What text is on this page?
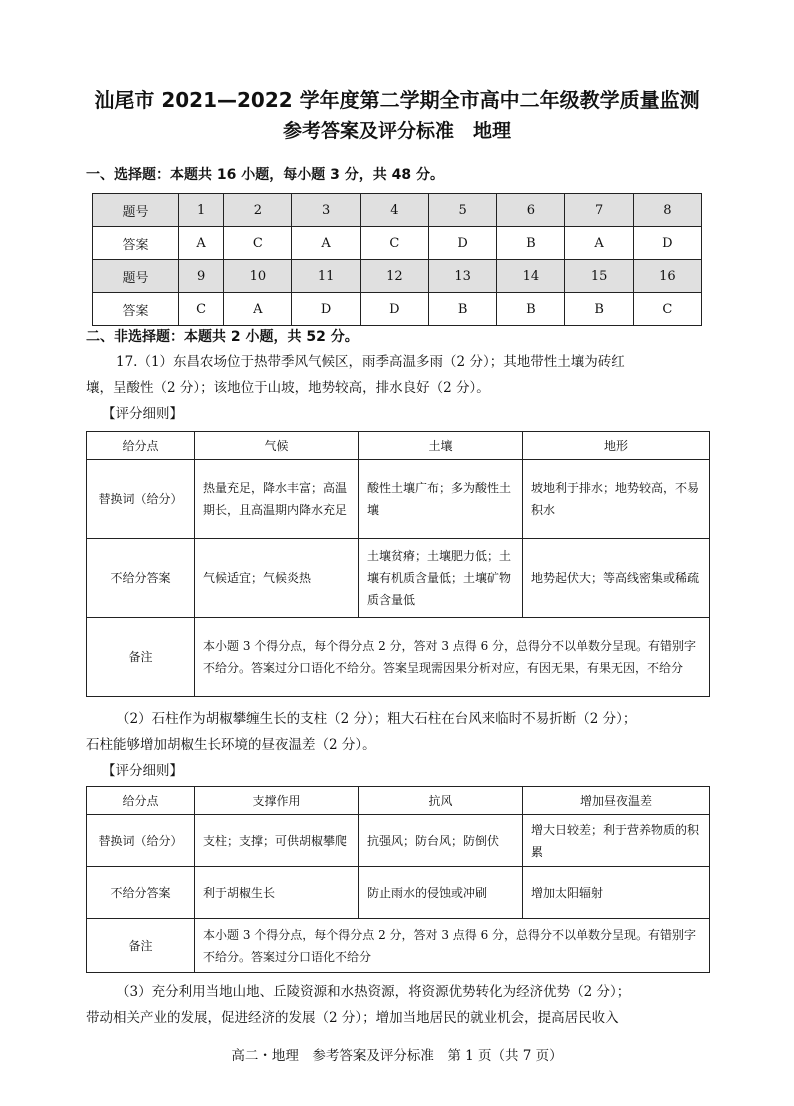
汕尾市 2021—2022 学年度第二学期全市高中二年级教学质量监测
参考答案及评分标准　地理
一、选择题：本题共 16 小题，每小题 3 分，共 48 分。
题号	1	2	3	4	5	6	7	8
答案	A	C	A	C	D	B	A	D
题号	9	10	11	12	13	14	15	16
答案	C	A	D	D	B	B	B	C
二、非选择题：本题共 2 小题，共 52 分。
17.（1）东昌农场位于热带季风气候区，雨季高温多雨（2 分）；其地带性土壤为砖红
壤，呈酸性（2 分）；该地位于山坡，地势较高，排水良好（2 分）。
【评分细则】
给分点	气候	土壤	地形
替换词（给分）	热量充足，降水丰富；高温期长，且高温期内降水充足	酸性土壤广布；多为酸性土壤	坡地利于排水；地势较高，不易积水
不给分答案	气候适宜；气候炎热	土壤贫瘠；土壤肥力低；土壤有机质含量低；土壤矿物质含量低	地势起伏大；等高线密集或稀疏
备注	本小题 3 个得分点，每个得分点 2 分，答对 3 点得 6 分，总得分不以单数分呈现。有错别字不给分。答案过分口语化不给分。答案呈现需因果分析对应，有因无果，有果无因，不给分		
（2）石柱作为胡椒攀缠生长的支柱（2 分）；粗大石柱在台风来临时不易折断（2 分）；
石柱能够增加胡椒生长环境的昼夜温差（2 分）。
【评分细则】
给分点	支撑作用	抗风	增加昼夜温差
替换词（给分）	支柱；支撑；可供胡椒攀爬	抗强风；防台风；防倒伏	增大日较差；利于营养物质的积累
不给分答案	利于胡椒生长	防止雨水的侵蚀或冲刷	增加太阳辐射
备注	本小题 3 个得分点，每个得分点 2 分，答对 3 点得 6 分，总得分不以单数分呈现。有错别字不给分。答案过分口语化不给分		
（3）充分利用当地山地、丘陵资源和水热资源，将资源优势转化为经济优势（2 分）；
带动相关产业的发展，促进经济的发展（2 分）；增加当地居民的就业机会，提高居民收入
高二・地理　参考答案及评分标准　第 1 页（共 7 页）
